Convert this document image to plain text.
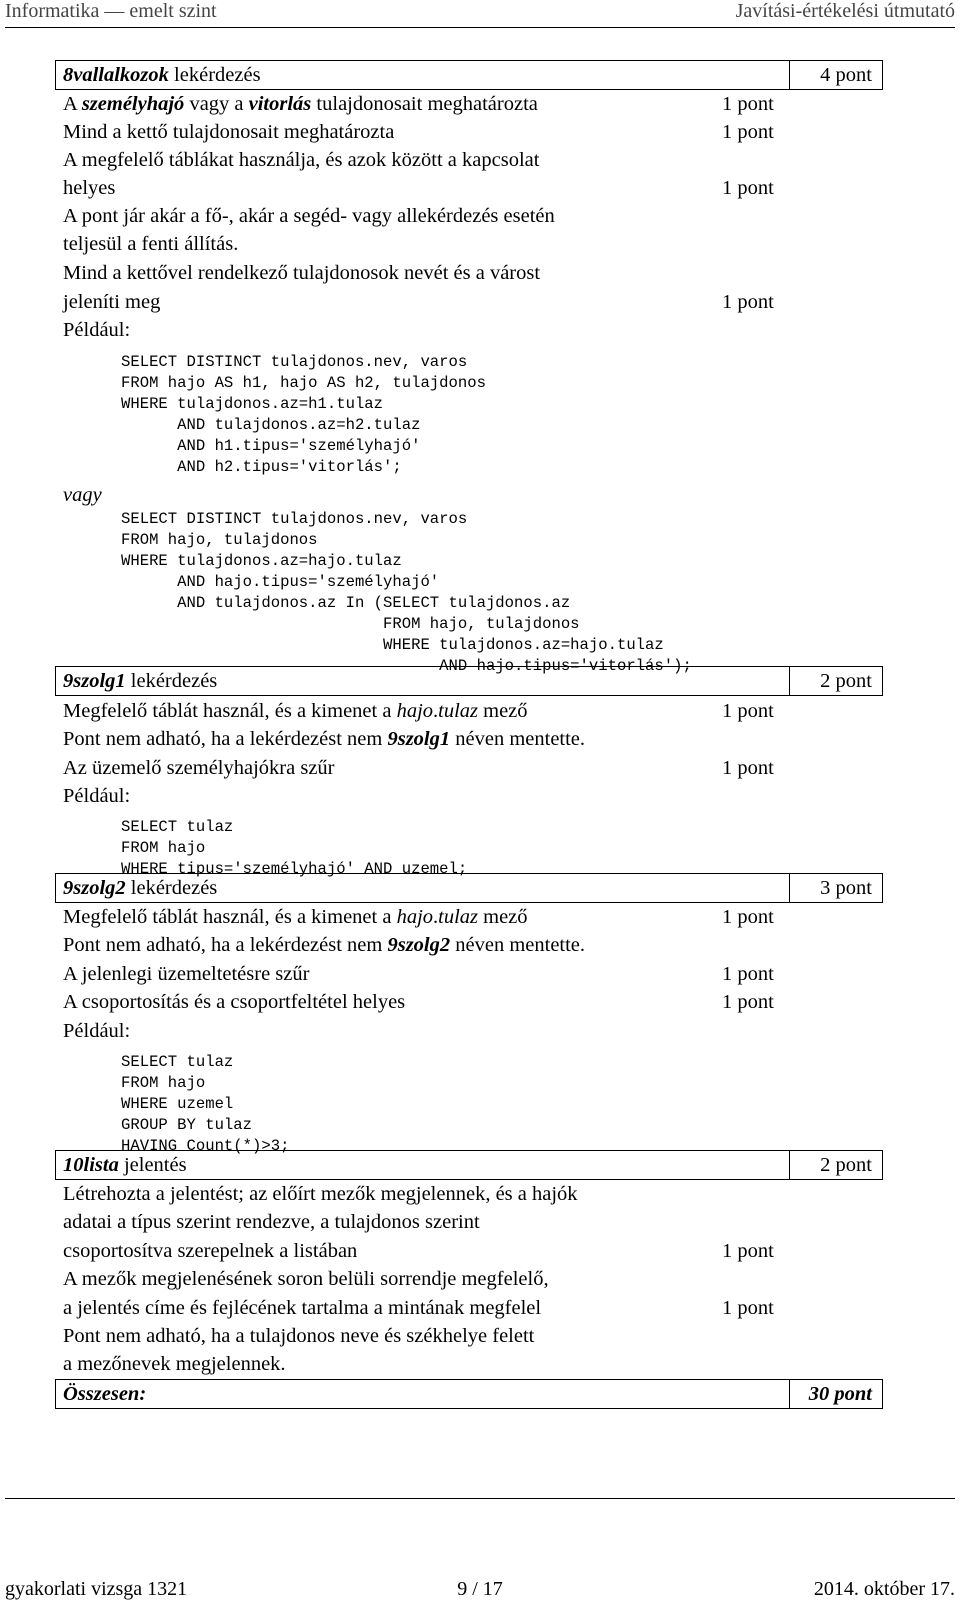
Informatika — emelt szint	Javítási-értékelési útmutató
8vallalkozok lekérdezés	4 pont
A személyhajó vagy a vitorlás tulajdonosait meghatározta	1 pont
Mind a kettő tulajdonosait meghatározta	1 pont
A megfelelő táblákat használja, és azok között a kapcsolat
helyes	1 pont
A pont jár akár a fő-, akár a segéd- vagy allekérdezés esetén
teljesül a fenti állítás.
Mind a kettővel rendelkező tulajdonosok nevét és a várost
jeleníti meg	1 pont
Például:
SELECT DISTINCT tulajdonos.nev, varos
FROM hajo AS h1, hajo AS h2, tulajdonos
WHERE tulajdonos.az=h1.tulaz
AND tulajdonos.az=h2.tulaz
AND h1.tipus='személyhajó'
AND h2.tipus='vitorlás';
vagy
SELECT DISTINCT tulajdonos.nev, varos
FROM hajo, tulajdonos
WHERE tulajdonos.az=hajo.tulaz
AND hajo.tipus='személyhajó'
AND tulajdonos.az In (SELECT tulajdonos.az
FROM hajo, tulajdonos
WHERE tulajdonos.az=hajo.tulaz
AND hajo.tipus='vitorlás');
9szolg1 lekérdezés	2 pont
Megfelelő táblát használ, és a kimenet a hajo.tulaz mező	1 pont
Pont nem adható, ha a lekérdezést nem 9szolg1 néven mentette.
Az üzemelő személyhajókra szűr	1 pont
Például:
SELECT tulaz
FROM hajo
WHERE tipus='személyhajó' AND uzemel;
9szolg2 lekérdezés	3 pont
Megfelelő táblát használ, és a kimenet a hajo.tulaz mező	1 pont
Pont nem adható, ha a lekérdezést nem 9szolg2 néven mentette.
A jelenlegi üzemeltetésre szűr	1 pont
A csoportosítás és a csoportfeltétel helyes	1 pont
Például:
SELECT tulaz
FROM hajo
WHERE uzemel
GROUP BY tulaz
HAVING Count(*)>3;
10lista jelentés	2 pont
Létrehozta a jelentést; az előírt mezők megjelennek, és a hajók
adatai a típus szerint rendezve, a tulajdonos szerint
csoportosítva szerepelnek a listában	1 pont
A mezők megjelenésének soron belüli sorrendje megfelelő,
a jelentés címe és fejlécének tartalma a mintának megfelel	1 pont
Pont nem adható, ha a tulajdonos neve és székhelye felett
a mezőnevek megjelennek.
Összesen:	30 pont
gyakorlati vizsga 1321	9 / 17	2014. október 17.
